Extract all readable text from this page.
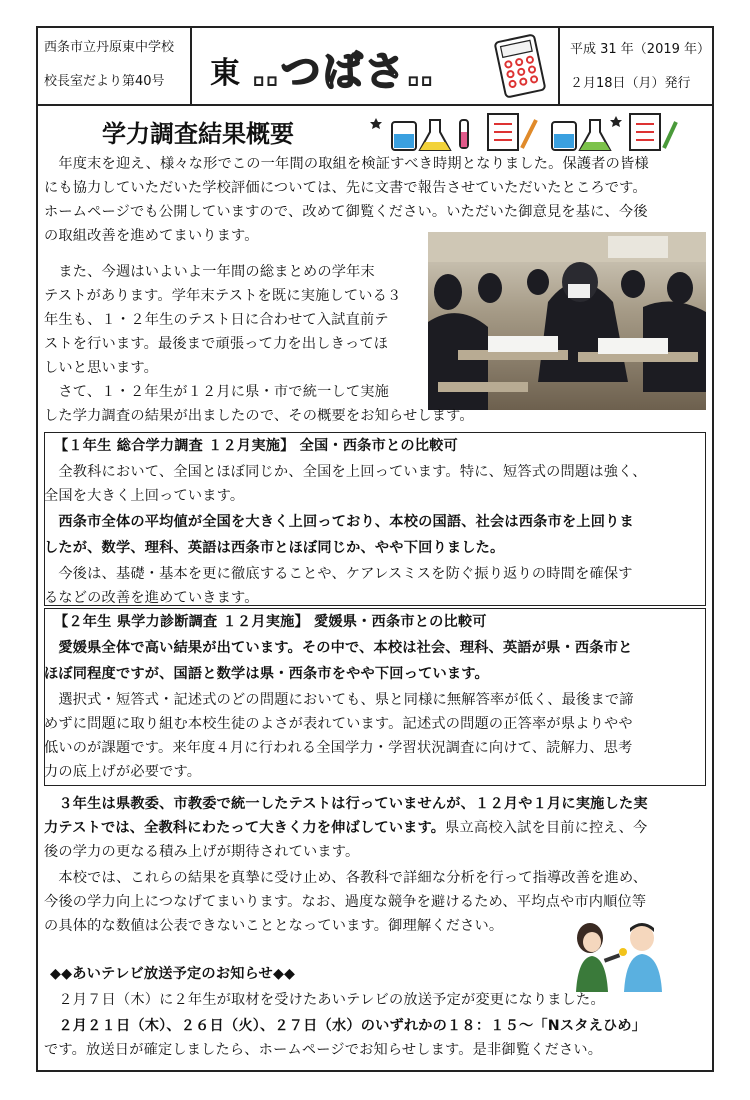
西条市立丹原東中学校
校長室だより第40号 東 ‥つばさ‥	平成 31 年（2019 年）
２月18日（月）発行
学力調査結果概要
　年度末を迎え、様々な形でこの一年間の取組を検証すべき時期となりました。保護者の皆様
にも協力していただいた学校評価については、先に文書で報告させていただいたところです。
ホームページでも公開していますので、改めて御覧ください。いただいた御意見を基に、今後
の取組改善を進めてまいります。
　また、今週はいよいよ一年間の総まとめの学年末
テストがあります。学年末テストを既に実施している３
年生も、１・２年生のテスト日に合わせて入試直前テ
ストを行います。最後まで頑張って力を出しきってほ
しいと思います。
　さて、１・２年生が１２月に県・市で統一して実施
した学力調査の結果が出ましたので、その概要をお知らせします。
【１年生 総合学力調査 １２月実施】 全国・西条市との比較可
　全教科において、全国とほぼ同じか、全国を上回っています。特に、短答式の問題は強く、
全国を大きく上回っています。
　西条市全体の平均値が全国を大きく上回っており、本校の国語、社会は西条市を上回りま
したが、数学、理科、英語は西条市とほぼ同じか、やや下回りました。
　今後は、基礎・基本を更に徹底することや、ケアレスミスを防ぐ振り返りの時間を確保す
るなどの改善を進めていきます。
【２年生 県学力診断調査 １２月実施】 愛媛県・西条市との比較可
　愛媛県全体で高い結果が出ています。その中で、本校は社会、理科、英語が県・西条市と
ほぼ同程度ですが、国語と数学は県・西条市をやや下回っています。
　選択式・短答式・記述式のどの問題においても、県と同様に無解答率が低く、最後まで諦
めずに問題に取り組む本校生徒のよさが表れています。記述式の問題の正答率が県よりやや
低いのが課題です。来年度４月に行われる全国学力・学習状況調査に向けて、読解力、思考
力の底上げが必要です。
　３年生は県教委、市教委で統一したテストは行っていませんが、１２月や１月に実施した実
力テストでは、全教科にわたって大きく力を伸ばしています。県立高校入試を目前に控え、今
後の学力の更なる積み上げが期待されています。
　本校では、これらの結果を真摯に受け止め、各教科で詳細な分析を行って指導改善を進め、
今後の学力向上につなげてまいります。なお、過度な競争を避けるため、平均点や市内順位等
の具体的な数値は公表できないこととなっています。御理解ください。
◆◆あいテレビ放送予定のお知らせ◆◆
　２月７日（木）に２年生が取材を受けたあいテレビの放送予定が変更になりました。
　２月２１日（木）、２６日（火）、２７日（水）のいずれかの１８：１５～「Nスタえひめ」
です。放送日が確定しましたら、ホームページでお知らせします。是非御覧ください。
